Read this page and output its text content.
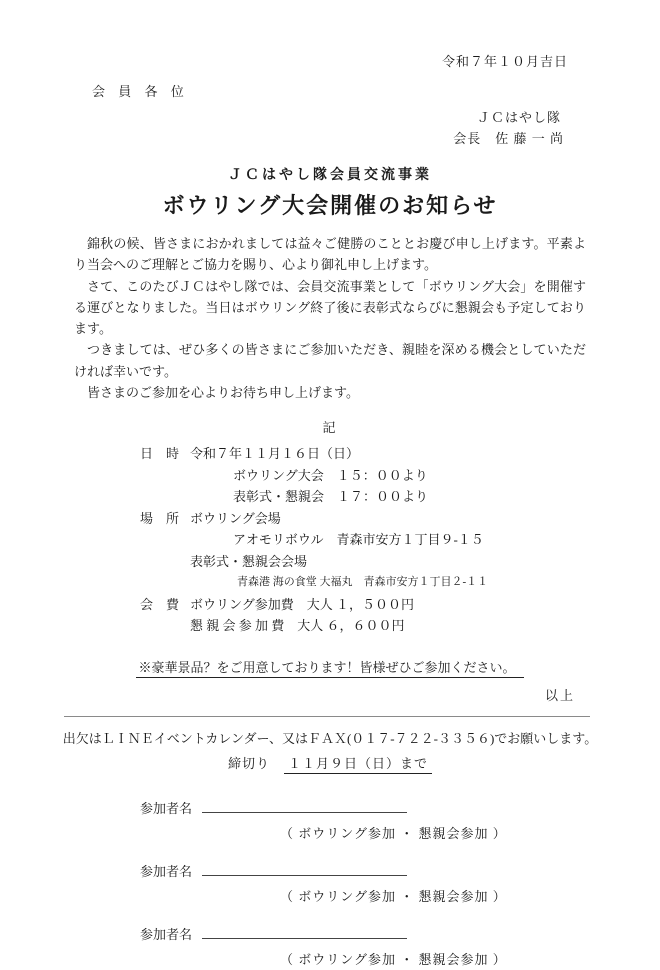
令和７年１０月吉日
会 員 各 位
ＪＣはやし隊
会長　佐 藤 一 尚
ＪＣはやし隊会員交流事業
ボウリング大会開催のお知らせ

錦秋の候、皆さまにおかれましては益々ご健勝のこととお慶び申し上げます。平素より当会へのご理解とご協力を賜り、心より御礼申し上げます。

さて、このたびＪＣはやし隊では、会員交流事業として「ボウリング大会」を開催する運びとなりました。当日はボウリング終了後に表彰式ならびに懇親会も予定しております。

つきましては、ぜひ多くの皆さまにご参加いただき、親睦を深める機会としていただければ幸いです。

皆さまのご参加を心よりお待ち申し上げます。

記
日　時 令和７年１１月１６日（日）
ボウリング大会　１５：００より
表彰式・懇親会　１７：００より
場　所 ボウリング会場
アオモリボウル　青森市安方１丁目９-１５
表彰式・懇親会会場
青森港 海の食堂 大福丸　青森市安方１丁目２-１１
会　費 ボウリング参加費　大人 １，５００円
懇 親 会 参 加 費　大人 ６，６００円
※豪華景品？をご用意しております！皆様ぜひご参加ください。
以上
出欠はＬＩＮＥイベントカレンダー、又はＦＡＸ(０１７-７２２-３３５６)でお願いします。
締切り １１月９日（日）まで
参加者名
（ ボウリング参加 ・ 懇親会参加 ）
参加者名
（ ボウリング参加 ・ 懇親会参加 ）
参加者名
（ ボウリング参加 ・ 懇親会参加 ）
